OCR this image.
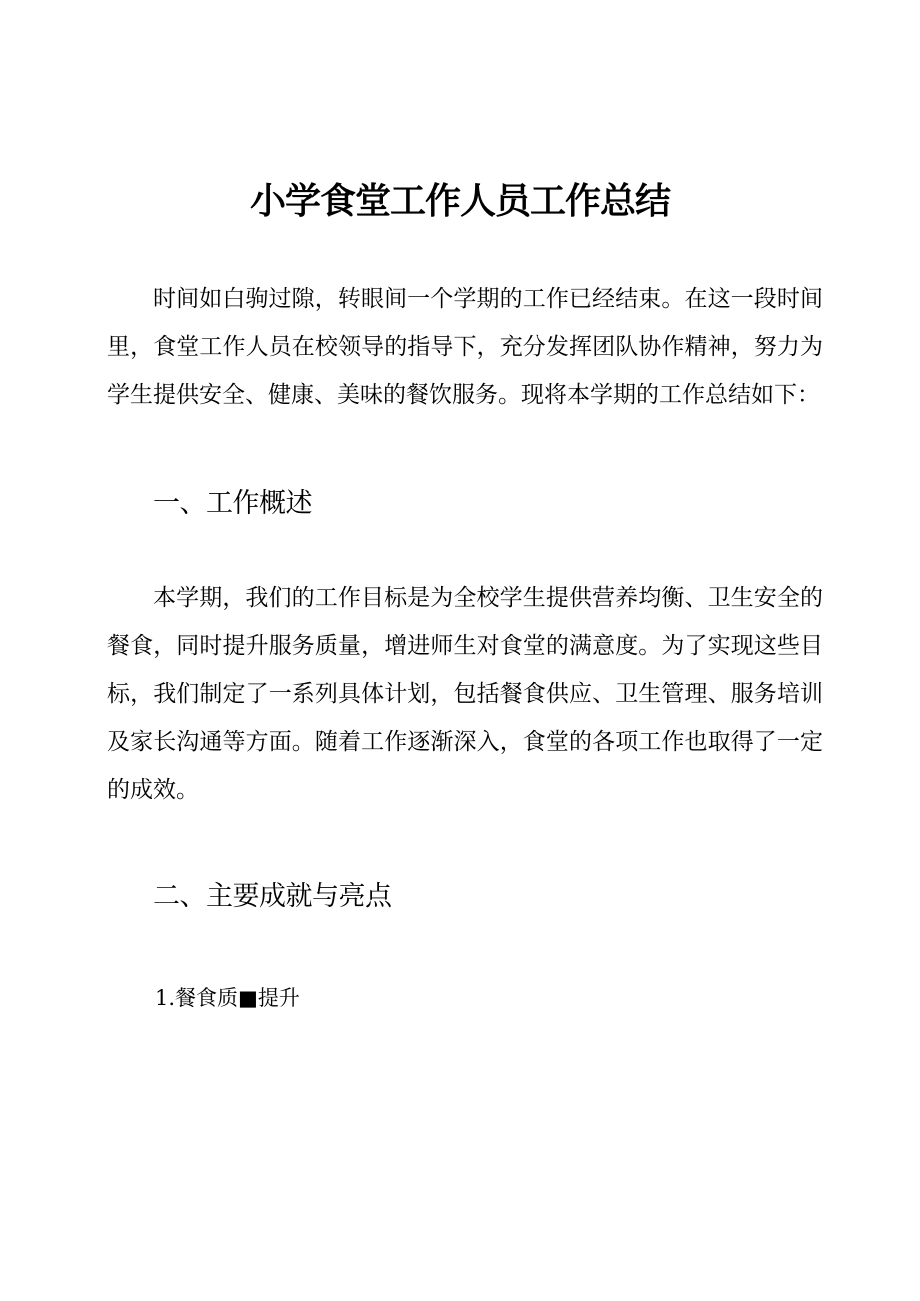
小学食堂工作人员工作总结

时间如白驹过隙，转眼间一个学期的工作已经结束。在这一段时间里，食堂工作人员在校领导的指导下，充分发挥团队协作精神，努力为学生提供安全、健康、美味的餐饮服务。现将本学期的工作总结如下：

一、工作概述

本学期，我们的工作目标是为全校学生提供营养均衡、卫生安全的餐食，同时提升服务质量，增进师生对食堂的满意度。为了实现这些目标，我们制定了一系列具体计划，包括餐食供应、卫生管理、服务培训及家长沟通等方面。随着工作逐渐深入，食堂的各项工作也取得了一定的成效。

二、主要成就与亮点

1.餐食质■提升
